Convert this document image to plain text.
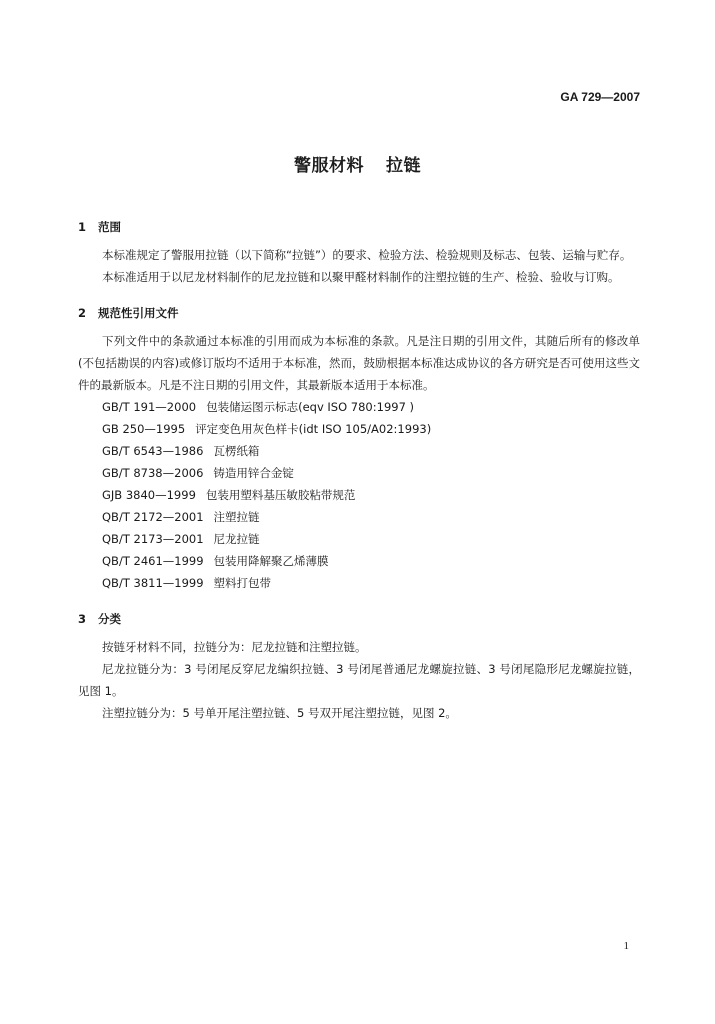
GA 729—2007
警服材料 拉链
1 范围

本标准规定了警服用拉链（以下简称“拉链”）的要求、检验方法、检验规则及标志、包装、运输与贮存。

本标准适用于以尼龙材料制作的尼龙拉链和以聚甲醛材料制作的注塑拉链的生产、检验、验收与订购。

2 规范性引用文件

下列文件中的条款通过本标准的引用而成为本标准的条款。凡是注日期的引用文件，其随后所有的修改单(不包括勘误的内容)或修订版均不适用于本标准，然而，鼓励根据本标准达成协议的各方研究是否可使用这些文件的最新版本。凡是不注日期的引用文件，其最新版本适用于本标准。

GB/T 191—2000 包装储运图示标志(eqv ISO 780:1997 )
GB 250—1995 评定变色用灰色样卡(idt ISO 105/A02:1993)
GB/T 6543—1986 瓦楞纸箱
GB/T 8738—2006 铸造用锌合金锭
GJB 3840—1999 包装用塑料基压敏胶粘带规范
QB/T 2172—2001 注塑拉链
QB/T 2173—2001 尼龙拉链
QB/T 2461—1999 包装用降解聚乙烯薄膜
QB/T 3811—1999 塑料打包带
3 分类

按链牙材料不同，拉链分为：尼龙拉链和注塑拉链。

尼龙拉链分为：3 号闭尾反穿尼龙编织拉链、3 号闭尾普通尼龙螺旋拉链、3 号闭尾隐形尼龙螺旋拉链，见图 1。

注塑拉链分为：5 号单开尾注塑拉链、5 号双开尾注塑拉链，见图 2。

1
